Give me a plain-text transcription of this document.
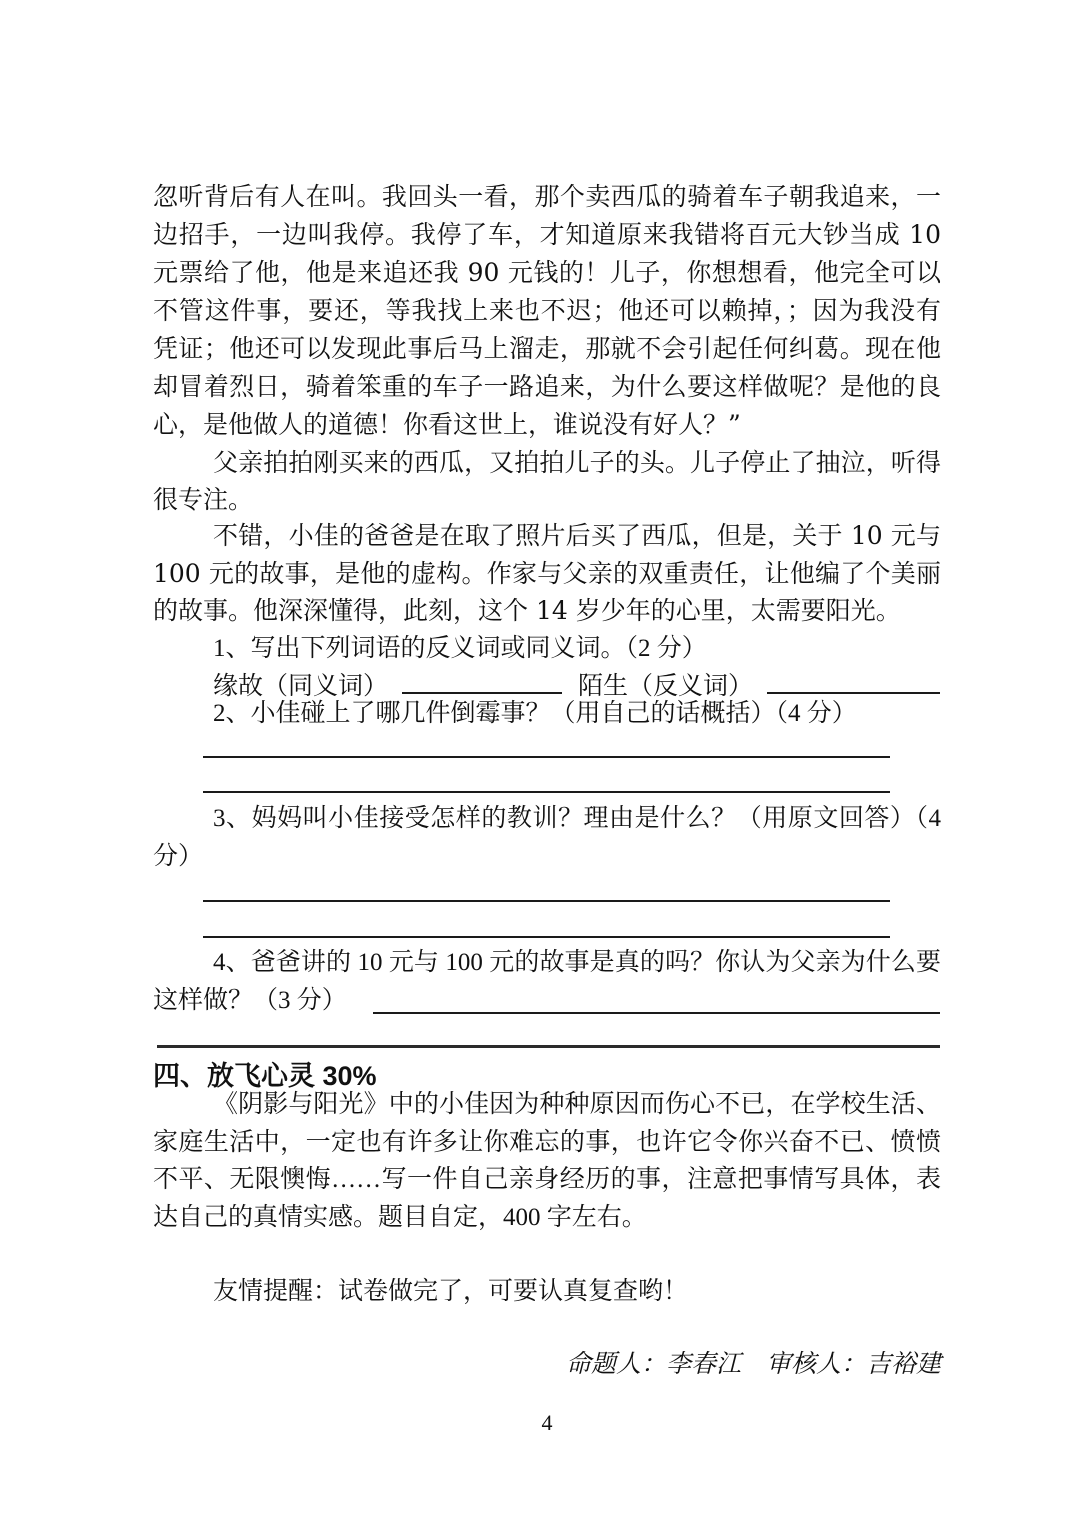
忽听背后有人在叫。我回头一看，那个卖西瓜的骑着车子朝我追来，一
边招手，一边叫我停。我停了车，才知道原来我错将百元大钞当成 10
元票给了他，他是来追还我 90 元钱的！儿子，你想想看，他完全可以
不管这件事，要还，等我找上来也不迟；他还可以赖掉，；因为我没有
凭证；他还可以发现此事后马上溜走，那就不会引起任何纠葛。现在他
却冒着烈日，骑着笨重的车子一路追来，为什么要这样做呢？是他的良
心，是他做人的道德！你看这世上，谁说没有好人？”
父亲拍拍刚买来的西瓜，又拍拍儿子的头。儿子停止了抽泣，听得
很专注。
不错，小佳的爸爸是在取了照片后买了西瓜，但是，关于 10 元与
100 元的故事，是他的虚构。作家与父亲的双重责任，让他编了个美丽
的故事。他深深懂得，此刻，这个 14 岁少年的心里，太需要阳光。
1、写出下列词语的反义词或同义词。（2 分）
缘故（同义词）	陌生（反义词）
2、小佳碰上了哪几件倒霉事？（用自己的话概括）（4 分）
3、妈妈叫小佳接受怎样的教训？理由是什么？（用原文回答）（4
分）
4、爸爸讲的 10 元与 100 元的故事是真的吗？你认为父亲为什么要
这样做？（3 分）
四、放飞心灵 30%
《阴影与阳光》中的小佳因为种种原因而伤心不已，在学校生活、
家庭生活中，一定也有许多让你难忘的事，也许它令你兴奋不已、愤愤
不平、无限懊悔……写一件自己亲身经历的事，注意把事情写具体，表
达自己的真情实感。题目自定，400 字左右。
友情提醒：试卷做完了，可要认真复查哟！
命题人：李春江　审核人：吉裕建
4
